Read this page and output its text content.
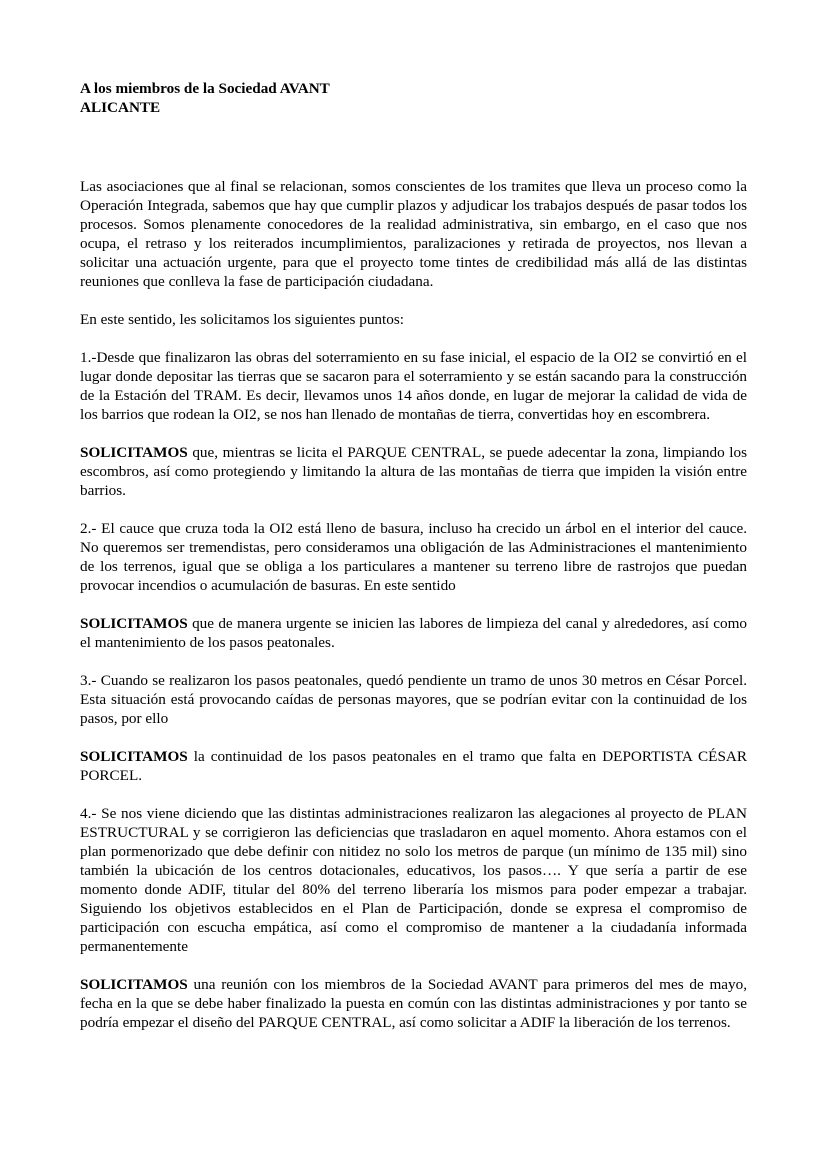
A los miembros de la Sociedad AVANT
ALICANTE

Las asociaciones que al final se relacionan, somos conscientes de los tramites que lleva un proceso como la Operación Integrada, sabemos que hay que cumplir plazos y adjudicar los trabajos después de pasar todos los procesos. Somos plenamente conocedores de la realidad administrativa, sin embargo, en el caso que nos ocupa, el retraso y los reiterados incumplimientos, paralizaciones y retirada de proyectos, nos llevan a solicitar una actuación urgente, para que el proyecto tome tintes de credibilidad más allá de las distintas reuniones que conlleva la fase de participación ciudadana.

En este sentido, les solicitamos los siguientes puntos:

1.-Desde que finalizaron las obras del soterramiento en su fase inicial, el espacio de la OI2 se convirtió en el lugar donde depositar las tierras que se sacaron para el soterramiento y se están sacando para la construcción de la Estación del TRAM. Es decir, llevamos unos 14 años donde, en lugar de mejorar la calidad de vida de los barrios que rodean la OI2, se nos han llenado de montañas de tierra, convertidas hoy en escombrera.

SOLICITAMOS que, mientras se licita el PARQUE CENTRAL, se puede adecentar la zona, limpiando los escombros, así como protegiendo y limitando la altura de las montañas de tierra que impiden la visión entre barrios.

2.- El cauce que cruza toda la OI2 está lleno de basura, incluso ha crecido un árbol en el interior del cauce. No queremos ser tremendistas, pero consideramos una obligación de las Administraciones el mantenimiento de los terrenos, igual que se obliga a los particulares a mantener su terreno libre de rastrojos que puedan provocar incendios o acumulación de basuras. En este sentido

SOLICITAMOS que de manera urgente se inicien las labores de limpieza del canal y alrededores, así como el mantenimiento de los pasos peatonales.

3.- Cuando se realizaron los pasos peatonales, quedó pendiente un tramo de unos 30 metros en César Porcel. Esta situación está provocando caídas de personas mayores, que se podrían evitar con la continuidad de los pasos, por ello

SOLICITAMOS la continuidad de los pasos peatonales en el tramo que falta en DEPORTISTA CÉSAR PORCEL.

4.- Se nos viene diciendo que las distintas administraciones realizaron las alegaciones al proyecto de PLAN ESTRUCTURAL y se corrigieron las deficiencias que trasladaron en aquel momento. Ahora estamos con el plan pormenorizado que debe definir con nitidez no solo los metros de parque (un mínimo de 135 mil) sino también la ubicación de los centros dotacionales, educativos, los pasos…. Y que sería a partir de ese momento donde ADIF, titular del 80% del terreno liberaría los mismos para poder empezar a trabajar. Siguiendo los objetivos establecidos en el Plan de Participación, donde se expresa el compromiso de participación con escucha empática, así como el compromiso de mantener a la ciudadanía informada permanentemente

SOLICITAMOS una reunión con los miembros de la Sociedad AVANT para primeros del mes de mayo, fecha en la que se debe haber finalizado la puesta en común con las distintas administraciones y por tanto se podría empezar el diseño del PARQUE CENTRAL, así como solicitar a ADIF la liberación de los terrenos.
